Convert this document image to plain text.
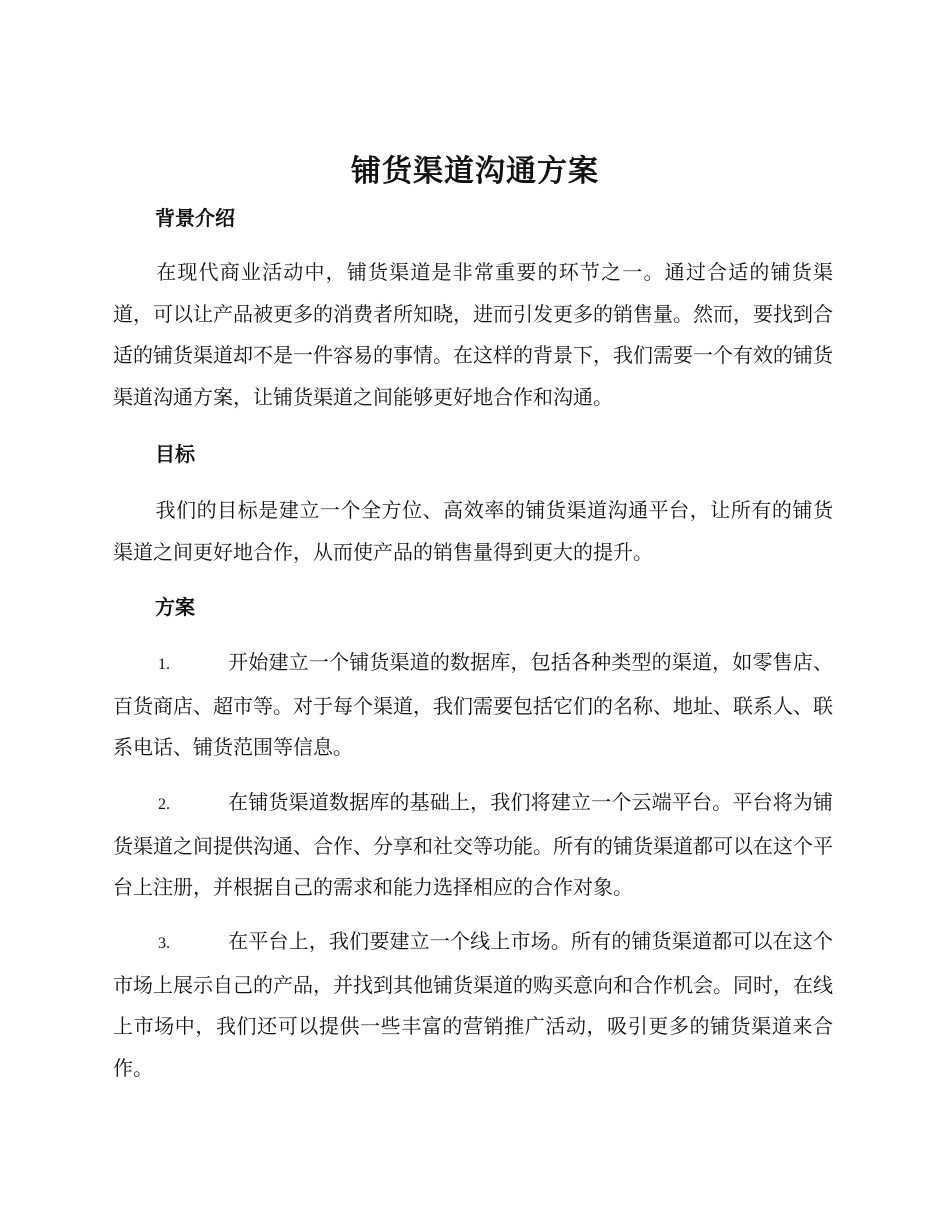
铺货渠道沟通方案
背景介绍

在现代商业活动中，铺货渠道是非常重要的环节之一。通过合适的铺货渠道，可以让产品被更多的消费者所知晓，进而引发更多的销售量。然而，要找到合适的铺货渠道却不是一件容易的事情。在这样的背景下，我们需要一个有效的铺货渠道沟通方案，让铺货渠道之间能够更好地合作和沟通。

目标

我们的目标是建立一个全方位、高效率的铺货渠道沟通平台，让所有的铺货渠道之间更好地合作，从而使产品的销售量得到更大的提升。

方案

1.	开始建立一个铺货渠道的数据库，包括各种类型的渠道，如零售店、百货商店、超市等。对于每个渠道，我们需要包括它们的名称、地址、联系人、联系电话、铺货范围等信息。

2.	在铺货渠道数据库的基础上，我们将建立一个云端平台。平台将为铺货渠道之间提供沟通、合作、分享和社交等功能。所有的铺货渠道都可以在这个平台上注册，并根据自己的需求和能力选择相应的合作对象。

3.	在平台上，我们要建立一个线上市场。所有的铺货渠道都可以在这个市场上展示自己的产品，并找到其他铺货渠道的购买意向和合作机会。同时，在线上市场中，我们还可以提供一些丰富的营销推广活动，吸引更多的铺货渠道来合作。
